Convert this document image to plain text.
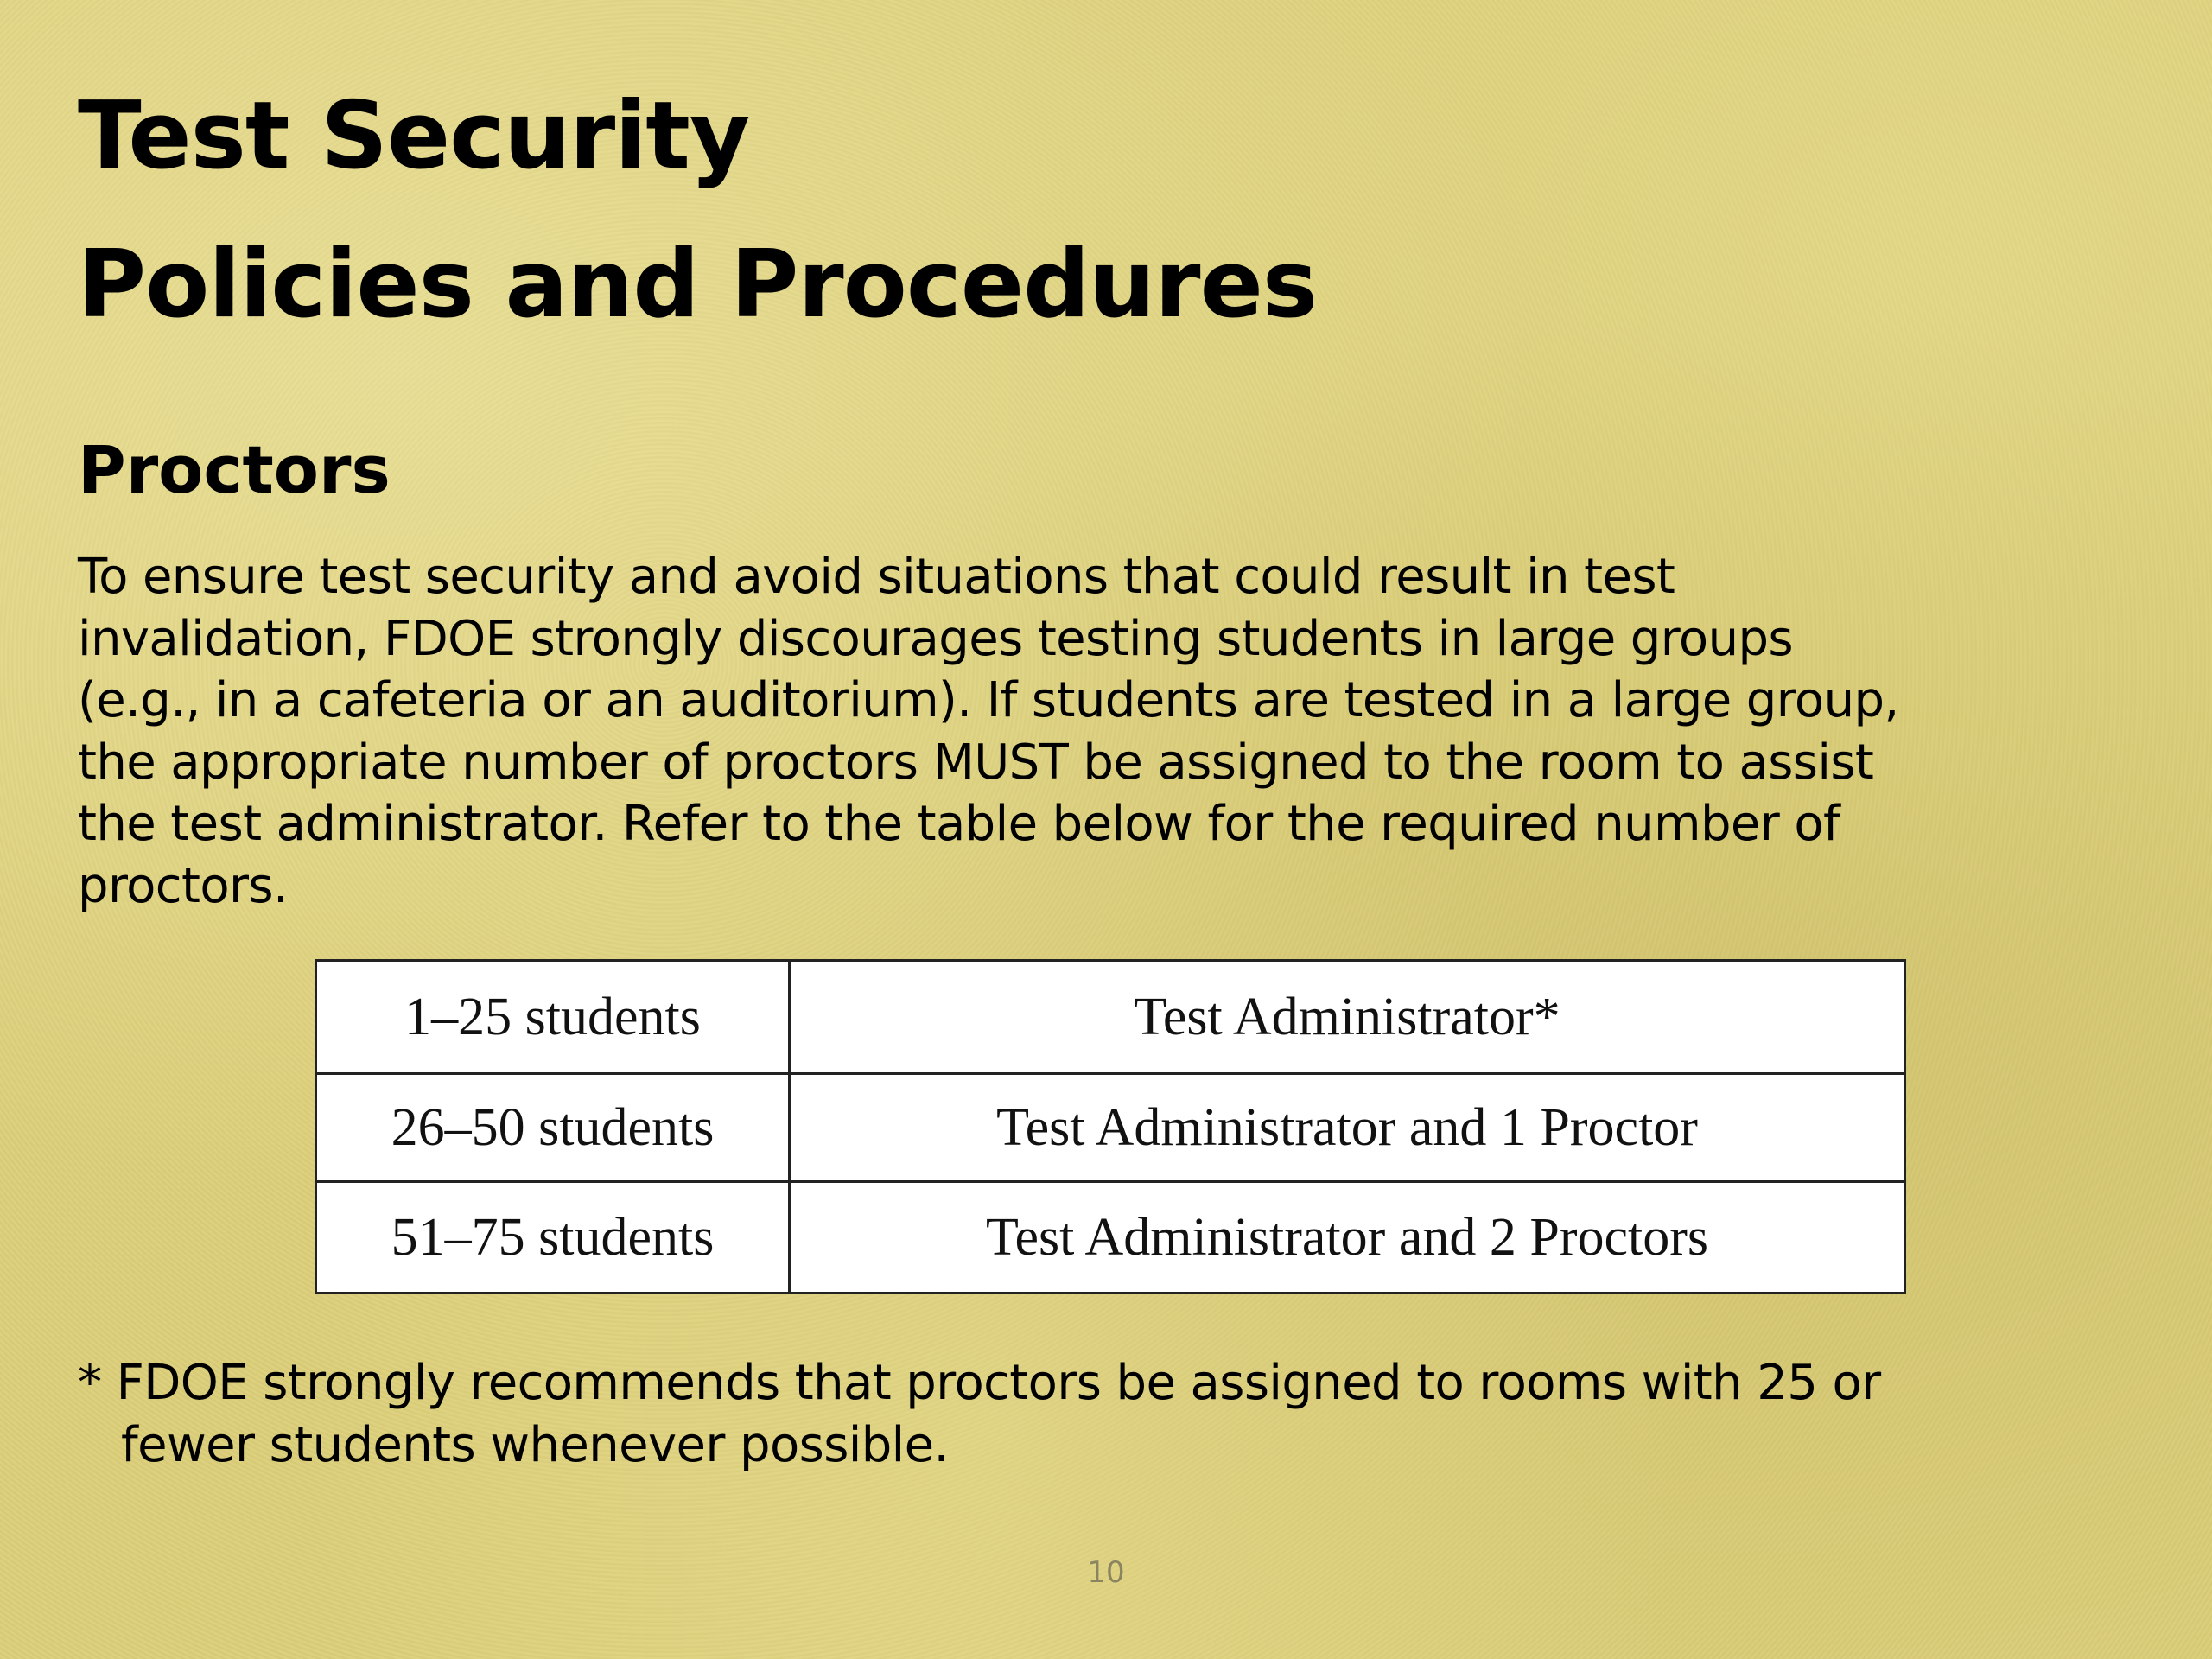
Test Security
Policies and Procedures
Proctors

To ensure test security and avoid situations that could result in test
invalidation, FDOE strongly discourages testing students in large groups
(e.g., in a cafeteria or an auditorium). If students are tested in a large group,
the appropriate number of proctors MUST be assigned to the room to assist
the test administrator. Refer to the table below for the required number of
proctors.

1–25 students	Test Administrator*
26–50 students	Test Administrator and 1 Proctor
51–75 students	Test Administrator and 2 Proctors

* FDOE strongly recommends that proctors be assigned to rooms with 25 or
fewer students whenever possible.

10
